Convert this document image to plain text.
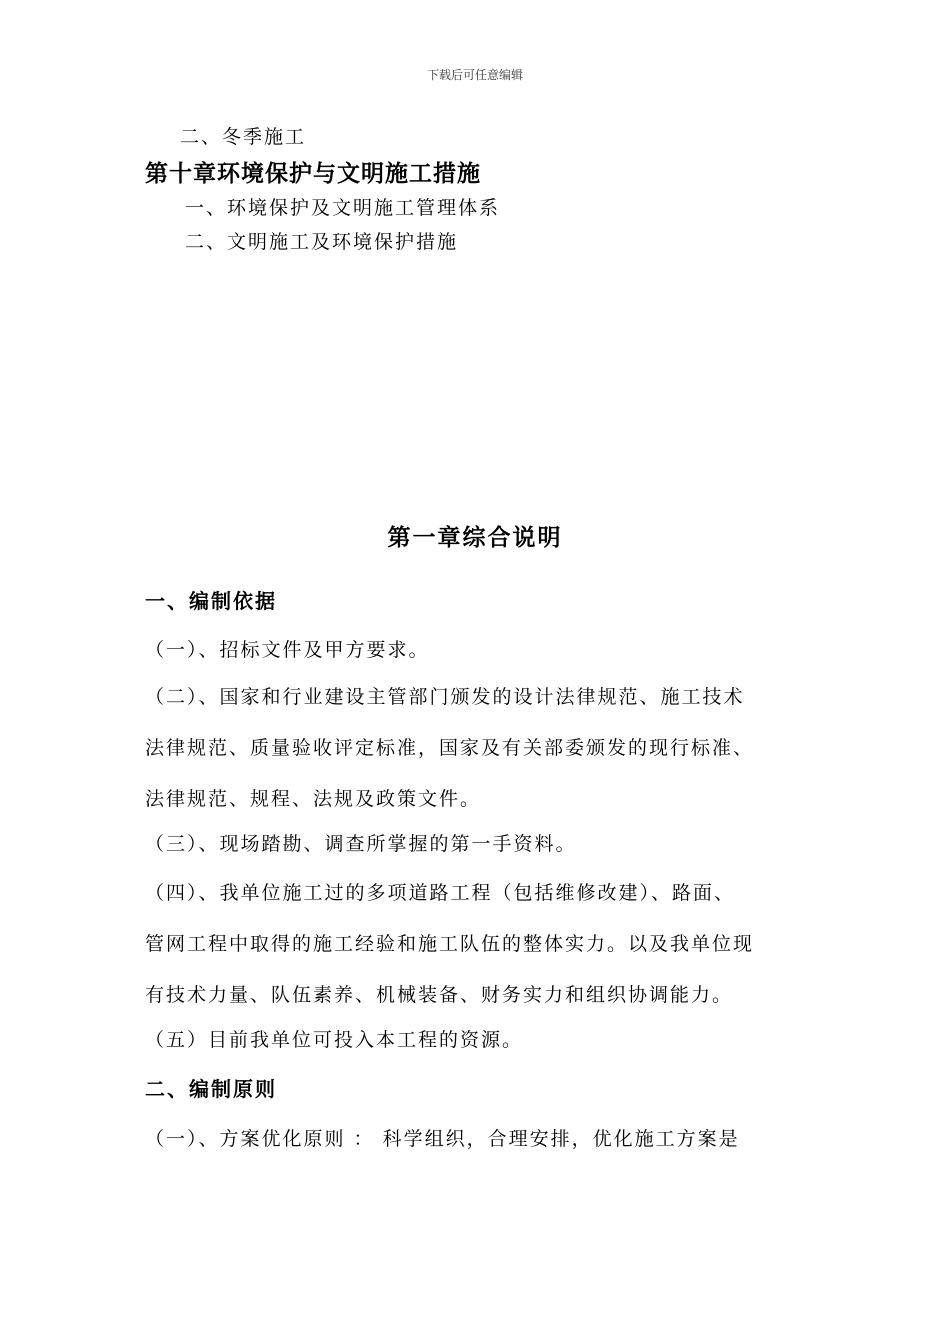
下载后可任意编辑
二、冬季施工
第十章环境保护与文明施工措施
一、环境保护及文明施工管理体系
二、文明施工及环境保护措施
第一章综合说明
一、编制依据
（一）、招标文件及甲方要求。
（二）、国家和行业建设主管部门颁发的设计法律规范、施工技术
法律规范、质量验收评定标准，国家及有关部委颁发的现行标准、
法律规范、规程、法规及政策文件。
（三）、现场踏勘、调查所掌握的第一手资料。
（四）、我单位施工过的多项道路工程（包括维修改建）、路面、
管网工程中取得的施工经验和施工队伍的整体实力。以及我单位现
有技术力量、队伍素养、机械装备、财务实力和组织协调能力。
（五）目前我单位可投入本工程的资源。
二、编制原则
（一）、方案优化原则 ： 科学组织，合理安排，优化施工方案是
